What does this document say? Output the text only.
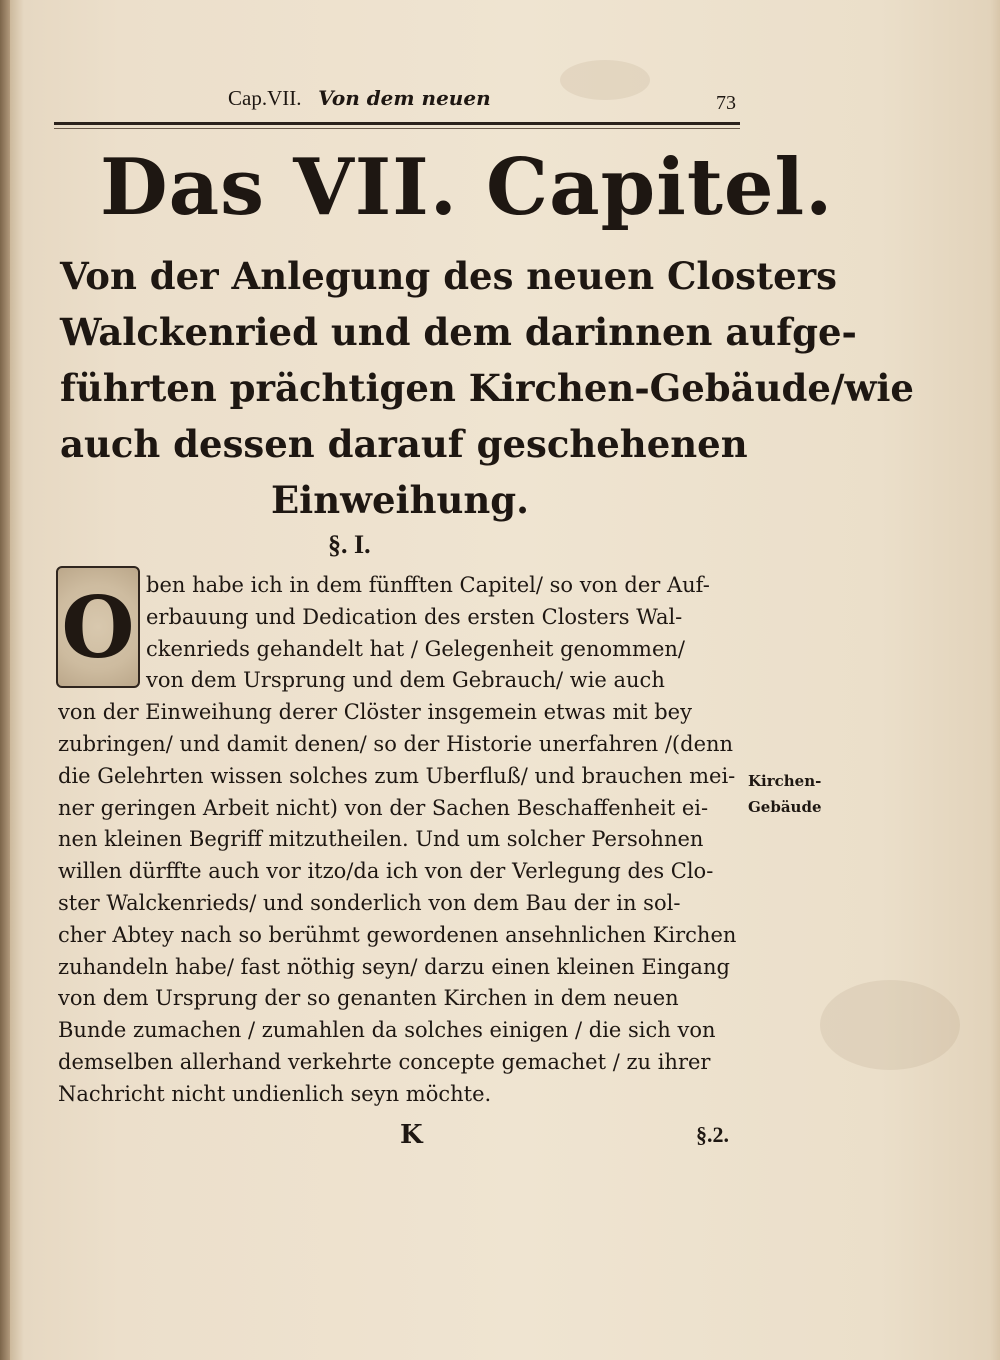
Cap.VII. Von dem neuen	73
Das VII. Capitel.
Von der Anlegung des neuen Closters
Walckenried und dem darinnen aufge-
führten prächtigen Kirchen-Gebäude/wie
auch dessen darauf geschehenen
Einweihung.
§. I.
O ben habe ich in dem fünfften Capitel/ so von der Auf-
erbauung und Dedication des ersten Closters Wal-
ckenrieds gehandelt hat / Gelegenheit genommen/
von dem Ursprung und dem Gebrauch/ wie auch
von der Einweihung derer Clöster insgemein etwas mit bey
zubringen/ und damit denen/ so der Historie unerfahren /(denn
die Gelehrten wissen solches zum Uberfluß/ und brauchen mei-
ner geringen Arbeit nicht) von der Sachen Beschaffenheit ei-
nen kleinen Begriff mitzutheilen. Und um solcher Persohnen
willen dürffte auch vor itzo/da ich von der Verlegung des Clo-
ster Walckenrieds/ und sonderlich von dem Bau der in sol-
cher Abtey nach so berühmt gewordenen ansehnlichen Kirchen
zuhandeln habe/ fast nöthig seyn/ darzu einen kleinen Eingang
von dem Ursprung der so genanten Kirchen in dem neuen
Bunde zumachen / zumahlen da solches einigen / die sich von
demselben allerhand verkehrte concepte gemachet / zu ihrer
Nachricht nicht undienlich seyn möchte.
Kirchen-
Gebäude
K	§.2.
